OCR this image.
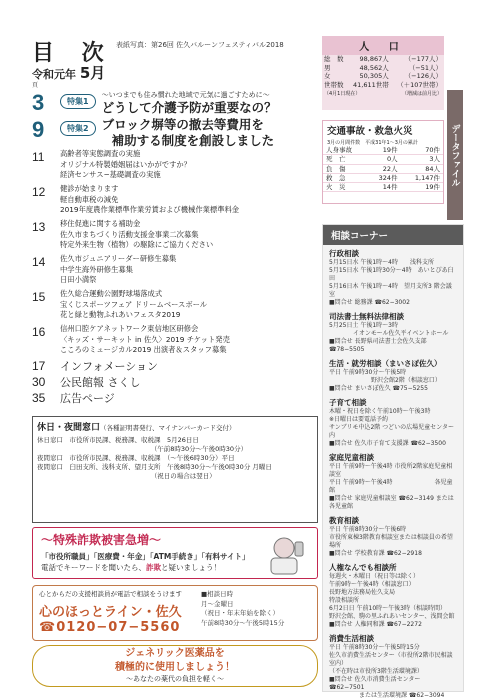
目 次 表紙写真：第26回 佐久バルーンフェスティバル2018
令和元年 5月
頁
3	特集1
〜いつまでも住み慣れた地域で元気に過ごすために〜
どうして介護予防が重要なの？
9	特集2	ブロック塀等の撤去等費用を
補助する制度を創設しました
11	高齢者等実態調査の実施
オリジナル特製婚姻届はいかがですか？
経済センサス−基礎調査の実施
12	健診が始まります
軽自動車税の減免
2019年度農作業標準作業労賃および機械作業標準料金
13	移住促進に関する補助金
佐久市まちづくり活動支援金事業二次募集
特定外来生物（植物）の駆除にご協力ください
14	佐久市ジュニアリーダー研修生募集
中学生海外研修生募集
日田小満祭
15	佐久総合運動公園野球場落成式
宝くじスポーツフェア ドリームベースボール
花と緑と動物ふれあいフェスタ2019
16	信州口腔ケアネットワーク東信地区研修会
〈キッズ・サーキット in 佐久〉2019 チケット発売
こころのミュージカル2019 出演者＆スタッフ募集
17	インフォメーション
30	公民館報 さくし
35	広告ページ
休日・夜間窓口（各種証明書発行、マイナンバーカード交付）
休日窓口　市役所市民課、税務課、収税課　5月26日日
　　　　　　　　　　　　　　　　　　（午前8時30分〜午後0時30分）
夜間窓口　市役所市民課、税務課、収税課　（〜午後6時30分）平日
夜間窓口　臼田支所、浅科支所、望月支所　午後8時30分〜午後0時30分 月曜日
　　　　　　　　　　　　　　　　　　（祝日の場合は翌日）
〜特殊詐欺被害急増〜
「市役所職員」「医療費・年金」「ATM手続き」「有料サイト」
電話でキーワードを聞いたら、詐欺と疑いましょう！
心とからだの支援相談員が電話で相談をうけます
心のほっとライン・佐久
☎0120−07−5560
■相談日時
月〜金曜日
（祝日・年末年始を除く）
午前8時30分〜午後5時15分
ジェネリック医薬品を
積極的に使用しましょう！
〜あなたの薬代の負担を軽く〜
人 口
総　数	98,867人	（−177人）
男	48,562人	（−51人）
女	50,305人	（−126人）
世帯数	41,611世帯	（＋107世帯）
（4月1日現在）	（増減は前月比）
データファイル
交通事故・救急火災
3月の月間件数　平成31年1〜3月の累計
人身事故	19件	70件
死　亡	0人	3人
負　傷	22人	84人
救　急	324件	1,147件
火　災	14件	19件
相談コーナー
行政相談
5月15日水 午後1時〜4時　　浅科支所
5月15日水 午後1時30分〜4時　あいとぴあ臼田
5月16日木 午後1時〜4時　望月支所3 階会議室
■問合せ 総務課 ☎62−3002
司法書士無料法律相談
5月25日土 午後1時〜3時
　　　　イオンモール佐久平イベントホール
■問合せ 長野県司法書士会佐久支部 ☎78−5505
生活・就労相談（まいさぽ佐久）
平日 午前9時30分〜午後5時
　　　　　　　野沢会館2階（相談窓口）
■問合せ まいさぽ佐久 ☎75−5255
子育て相談
木曜・祝日を除く午前10時〜午後3時
※日曜日は要電話予約
サンブリモ中込2階 つどいの広場児童センター内
■問合せ 佐久市子育て支援課 ☎62−3500
家庭児童相談
平日 午前9時〜午後4時 市役所2階家庭児童相談室
平日 午前9時〜午後4時　　　　　　　各児童館
■問合せ 家庭児童相談室 ☎62−3149 または各児童館
教育相談
平日 午前8時30分〜午後6時
市役所東棟3階教育相談室または相談員の希望場所
■問合せ 学校教育課 ☎62−2918
人権なんでも相談所
毎週火・木曜日（祝日等は除く）
午前9時〜午後4時（相談窓口）
長野地方法務局佐久支局
特設相談所
6月2日日 午前10時〜午後3時（相談時間）
野沢会館、駒の里ふれあいセンター、浅間会館
■問合せ 人権同和課 ☎67−2272
消費生活相談
平日 午前8時30分〜午後5時15分
佐久市消費生活センター（市役所2階市民相談室内）
（不在時は市役所3階生活環境課）
■問合せ 佐久市消費生活センター ☎62−7501
　　　　　または生活環境課 ☎62−3094
